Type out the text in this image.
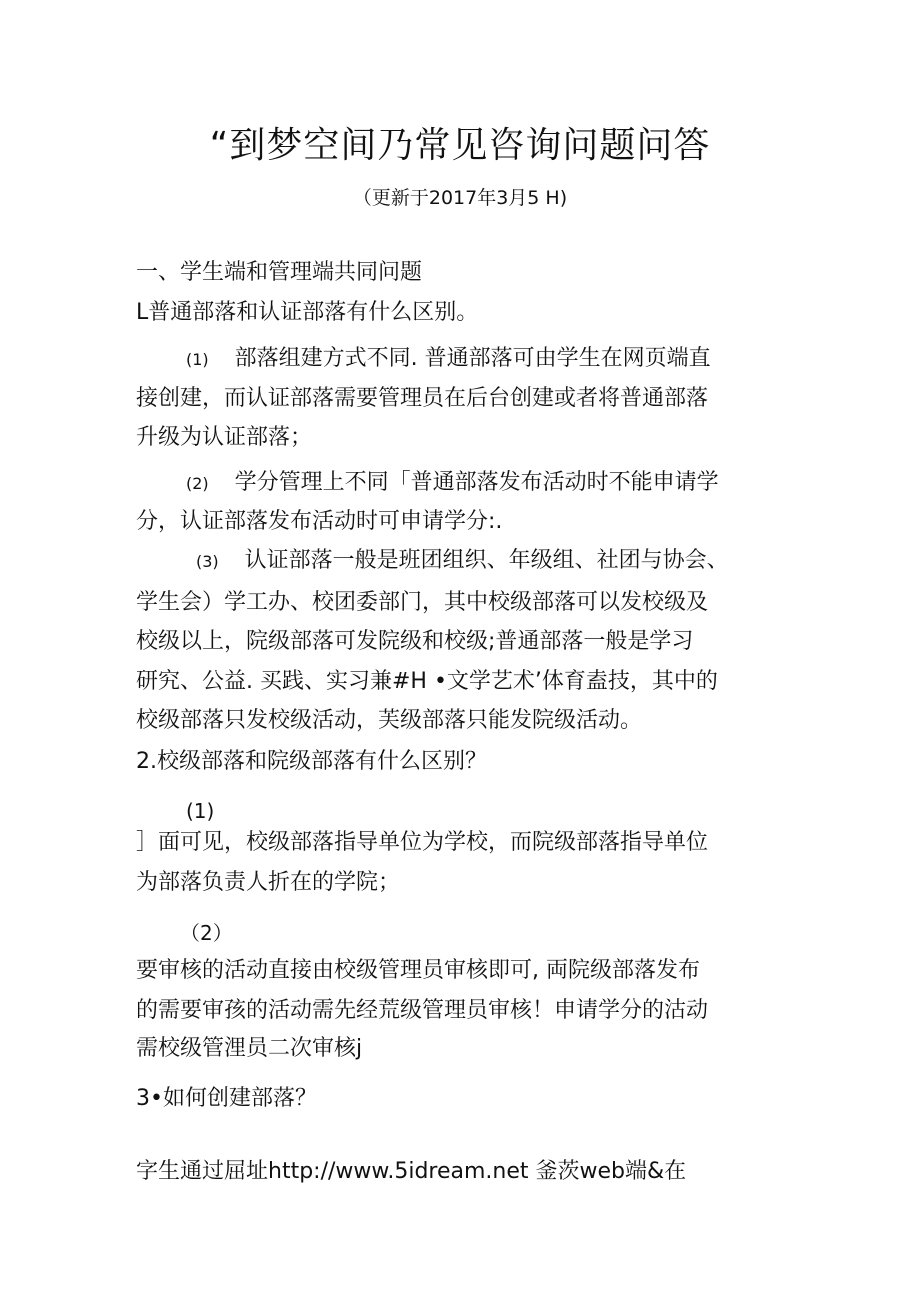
“到梦空间乃常见咨询问题问答
（更新于2017年3月5 H)
一、学生端和管理端共同问题
L普通部落和认证部落有什么区别。
(1) 部落组建方式不同. 普通部落可由学生在网页端直
接创建，而认证部落需要管理员在后台创建或者将普通部落
升级为认证部落；
(2) 学分管理上不同「普通部落发布活动时不能申请学
分，认证部落发布活动时可申请学分:.
(3) 认证部落一般是班团组织、年级组、社团与协会、
学生会）学工办、校团委部门，其中校级部落可以发校级及
校级以上，院级部落可发院级和校级;普通部落一般是学习
研究、公益. 买践、实习兼#H •文学艺术’体育盍技，其中的
校级部落只发校级活动，芙级部落只能发院级活动。
2.校级部落和院级部落有什么区别？
(1)
］面可见，校级部落指导单位为学校，而院级部落指导单位
为部落负责人折在的学院；
（2）
要审核的活动直接由校级管理员审核即可, 両院级部落发布
的需要审孩的活动需先经荒级管理员审核！申请学分的沽动
需校级管浬员二次审核j
3•如何创建部落？
字生通过屈址http://www.5idream.net 釜茨web端&在
